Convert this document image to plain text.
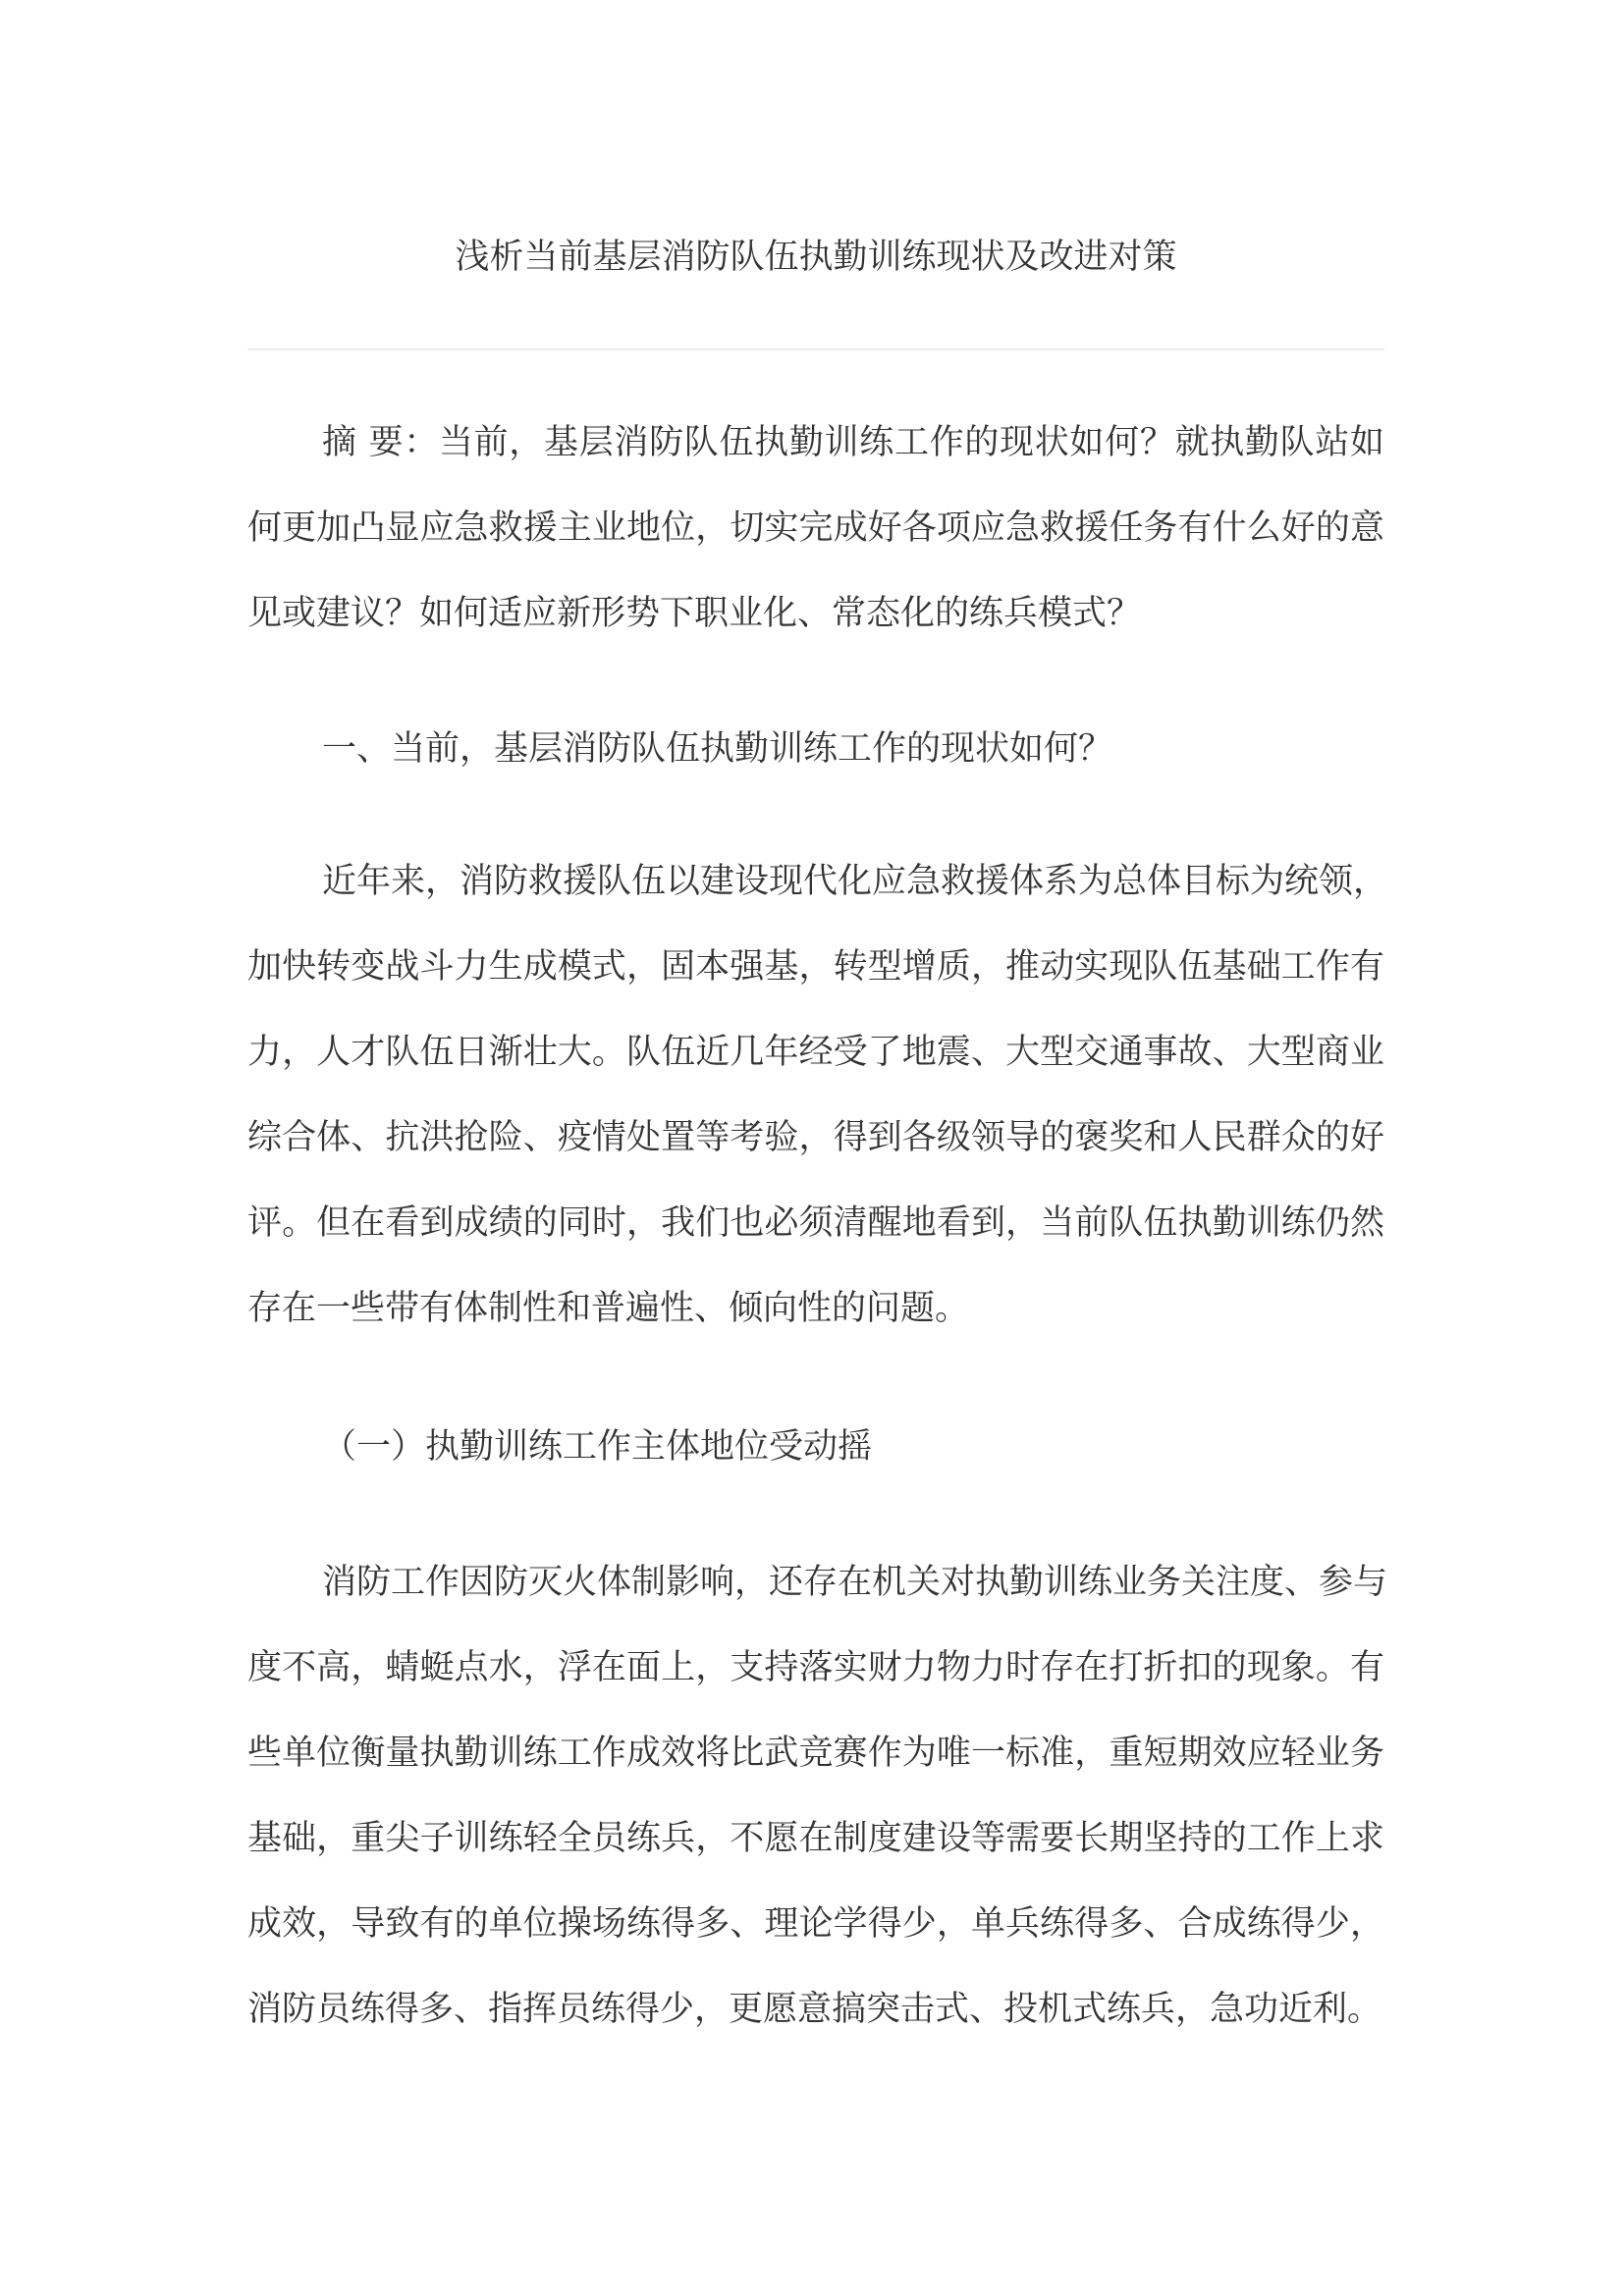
浅析当前基层消防队伍执勤训练现状及改进对策
摘 要：当前，基层消防队伍执勤训练工作的现状如何？就执勤队站如
何更加凸显应急救援主业地位，切实完成好各项应急救援任务有什么好的意
见或建议？如何适应新形势下职业化、常态化的练兵模式？
一、当前，基层消防队伍执勤训练工作的现状如何？
近年来，消防救援队伍以建设现代化应急救援体系为总体目标为统领，
加快转变战斗力生成模式，固本强基，转型增质，推动实现队伍基础工作有
力，人才队伍日渐壮大。队伍近几年经受了地震、大型交通事故、大型商业
综合体、抗洪抢险、疫情处置等考验，得到各级领导的褒奖和人民群众的好
评。但在看到成绩的同时，我们也必须清醒地看到，当前队伍执勤训练仍然
存在一些带有体制性和普遍性、倾向性的问题。
（一）执勤训练工作主体地位受动摇
消防工作因防灭火体制影响，还存在机关对执勤训练业务关注度、参与
度不高，蜻蜓点水，浮在面上，支持落实财力物力时存在打折扣的现象。有
些单位衡量执勤训练工作成效将比武竞赛作为唯一标准，重短期效应轻业务
基础，重尖子训练轻全员练兵，不愿在制度建设等需要长期坚持的工作上求
成效，导致有的单位操场练得多、理论学得少，单兵练得多、合成练得少，
消防员练得多、指挥员练得少，更愿意搞突击式、投机式练兵，急功近利。
